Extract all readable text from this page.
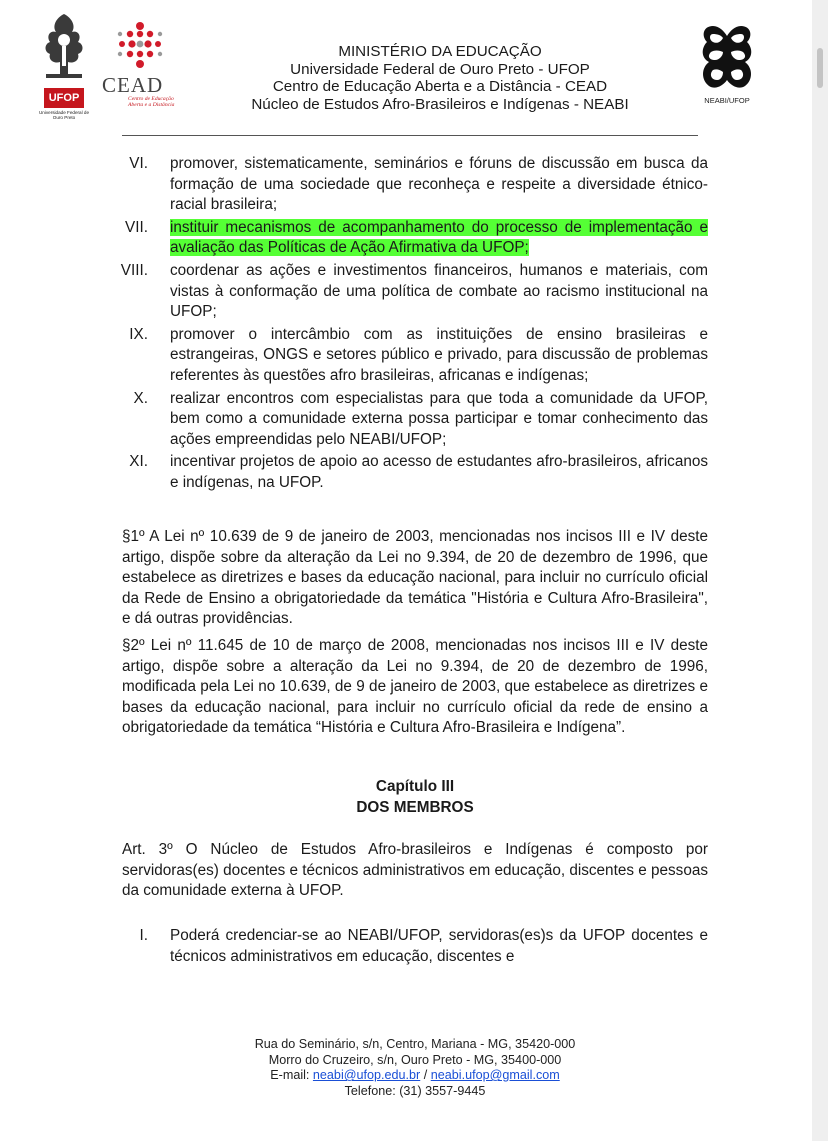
UFOP
Universidade Federal de Ouro Preto
CEAD
Centro de Educação
Aberta e a Distância
MINISTÉRIO DA EDUCAÇÃO
Universidade Federal de Ouro Preto - UFOP
Centro de Educação Aberta e a Distância - CEAD
Núcleo de Estudos Afro-Brasileiros e Indígenas - NEABI	NEABI/UFOP
VI.	promover, sistematicamente, seminários e fóruns de discussão em busca da formação de uma sociedade que reconheça e respeite a diversidade étnico-racial brasileira;
VII.	instituir mecanismos de acompanhamento do processo de implementação e avaliação das Políticas de Ação Afirmativa da UFOP;
VIII.	coordenar as ações e investimentos financeiros, humanos e materiais, com vistas à conformação de uma política de combate ao racismo institucional na UFOP;
IX.	promover o intercâmbio com as instituições de ensino brasileiras e estrangeiras, ONGS e setores público e privado, para discussão de problemas referentes às questões afro brasileiras, africanas e indígenas;
X.	realizar encontros com especialistas para que toda a comunidade da UFOP, bem como a comunidade externa possa participar e tomar conhecimento das ações empreendidas pelo NEABI/UFOP;
XI.	incentivar projetos de apoio ao acesso de estudantes afro-brasileiros, africanos e indígenas, na UFOP.
§1º A Lei nº 10.639 de 9 de janeiro de 2003, mencionadas nos incisos III e IV deste artigo, dispõe sobre da alteração da Lei no 9.394, de 20 de dezembro de 1996, que estabelece as diretrizes e bases da educação nacional, para incluir no currículo oficial da Rede de Ensino a obrigatoriedade da temática "História e Cultura Afro-Brasileira", e dá outras providências.
§2º Lei nº 11.645 de 10 de março de 2008, mencionadas nos incisos III e IV deste artigo, dispõe sobre a alteração da Lei no 9.394, de 20 de dezembro de 1996, modificada pela Lei no 10.639, de 9 de janeiro de 2003, que estabelece as diretrizes e bases da educação nacional, para incluir no currículo oficial da rede de ensino a obrigatoriedade da temática “História e Cultura Afro-Brasileira e Indígena”.
Capítulo III
DOS MEMBROS
Art. 3º O Núcleo de Estudos Afro-brasileiros e Indígenas é composto por servidoras(es) docentes e técnicos administrativos em educação, discentes e pessoas da comunidade externa à UFOP.
I.	Poderá credenciar-se ao NEABI/UFOP, servidoras(es)s da UFOP docentes e técnicos administrativos em educação, discentes e
Rua do Seminário, s/n, Centro, Mariana - MG, 35420-000
Morro do Cruzeiro, s/n, Ouro Preto - MG, 35400-000
E-mail: neabi@ufop.edu.br / neabi.ufop@gmail.com
Telefone: (31) 3557-9445
